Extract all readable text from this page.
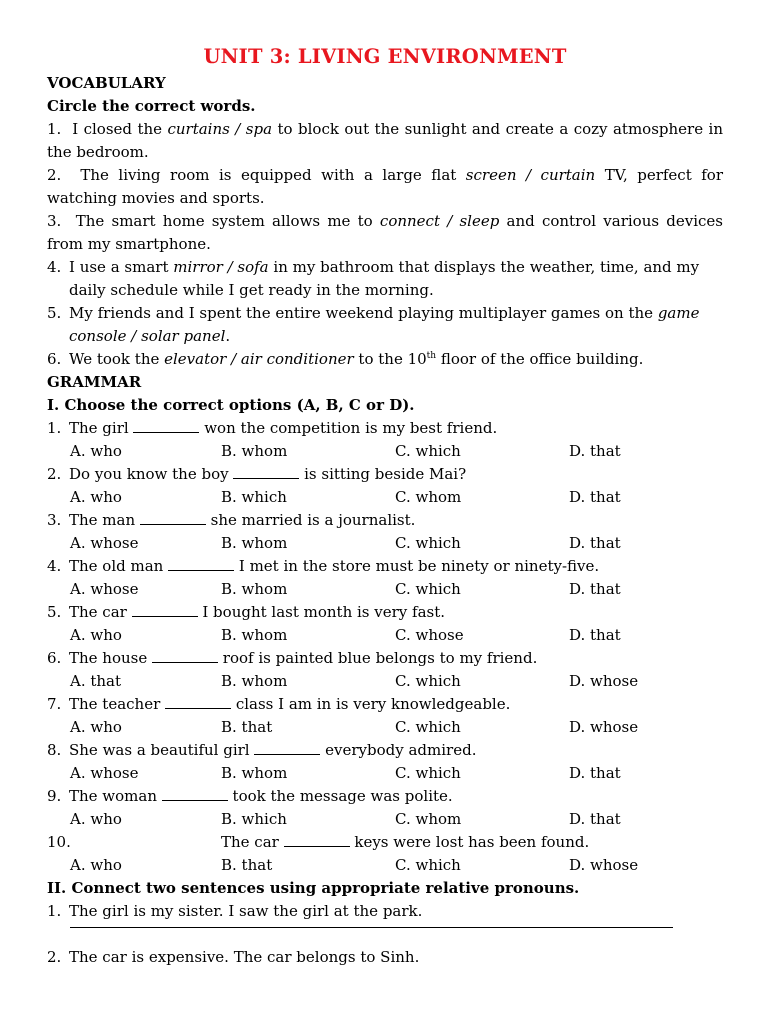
UNIT 3: LIVING ENVIRONMENT
VOCABULARY
Circle the correct words.
1. I closed the curtains / spa to block out the sunlight and create a cozy atmosphere in
the bedroom.
2. The living room is equipped with a large flat screen / curtain TV, perfect for
watching movies and sports.
3. The smart home system allows me to connect / sleep and control various devices
from my smartphone.
4. I use a smart mirror / sofa in my bathroom that displays the weather, time, and my
daily schedule while I get ready in the morning.
5. My friends and I spent the entire weekend playing multiplayer games on the game
console / solar panel.
6. We took the elevator / air conditioner to the 10th floor of the office building.
GRAMMAR
I. Choose the correct options (A, B, C or D).
1. The girl	won the competition is my best friend.
A. who	B. whom	C. which	D. that
2. Do you know the boy	is sitting beside Mai?
A. who	B. which	C. whom	D. that
3. The man	she married is a journalist.
A. whose	B. whom	C. which	D. that
4. The old man	I met in the store must be ninety or ninety-five.
A. whose	B. whom	C. which	D. that
5. The car	I bought last month is very fast.
A. who	B. whom	C. whose	D. that
6. The house	roof is painted blue belongs to my friend.
A. that	B. whom	C. which	D. whose
7. The teacher	class I am in is very knowledgeable.
A. who	B. that	C. which	D. whose
8. She was a beautiful girl	everybody admired.
A. whose	B. whom	C. which	D. that
9. The woman	took the message was polite.
A. who	B. which	C. whom	D. that
10.	The car	keys were lost has been found.
A. who	B. that	C. which	D. whose
II. Connect two sentences using appropriate relative pronouns.
1. The girl is my sister. I saw the girl at the park.
2. The car is expensive. The car belongs to Sinh.
